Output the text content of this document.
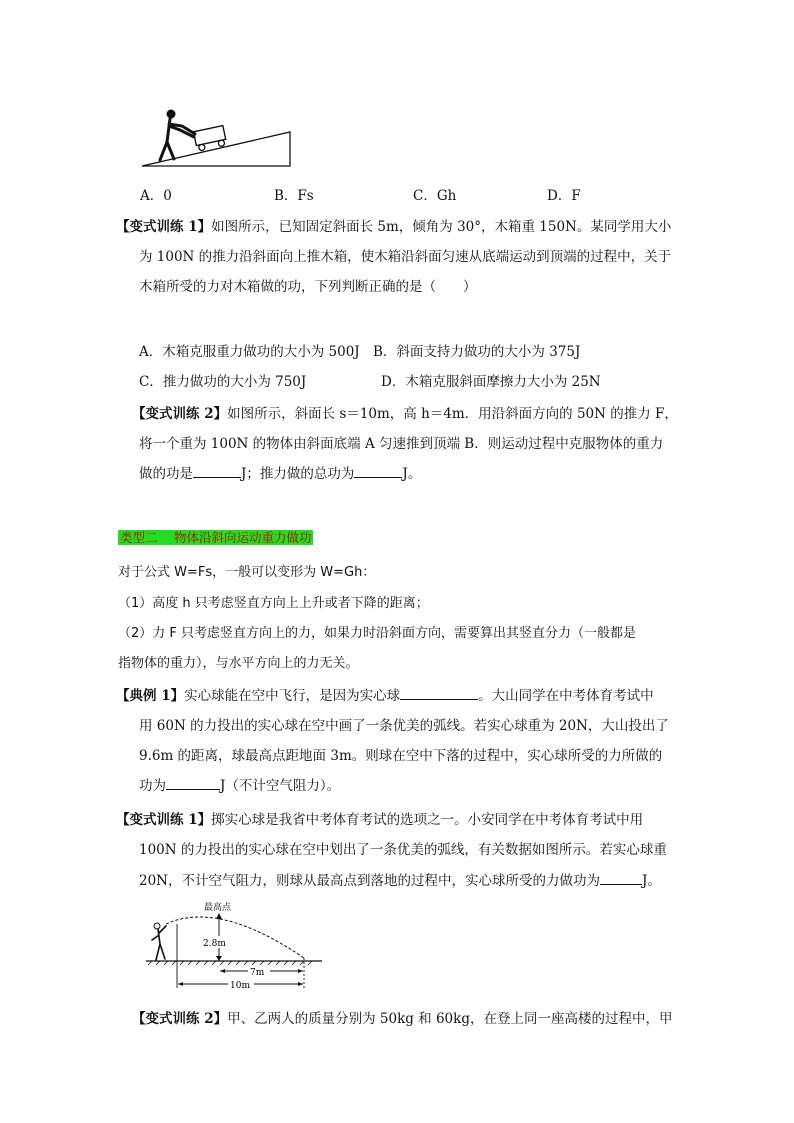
A．0	B．Fs	C．Gh	D．F
【变式训练 1】如图所示，已知固定斜面长 5m，倾角为 30°，木箱重 150N。某同学用大小
为 100N 的推力沿斜面向上推木箱，使木箱沿斜面匀速从底端运动到顶端的过程中，关于
木箱所受的力对木箱做的功，下列判断正确的是（　　）
A．木箱克服重力做功的大小为 500J B．斜面支持力做功的大小为 375J
C．推力做功的大小为 750J	D．木箱克服斜面摩擦力大小为 25N
【变式训练 2】如图所示，斜面长 s＝10m，高 h＝4m．用沿斜面方向的 50N 的推力 F，
将一个重为 100N 的物体由斜面底端 A 匀速推到顶端 B．则运动过程中克服物体的重力
做的功是	J；推力做的总功为	J。
类型二　 物体沿斜向运动重力做功
对于公式 W=Fs，一般可以变形为 W=Gh：
（1）高度 h 只考虑竖直方向上上升或者下降的距离；
（2）力 F 只考虑竖直方向上的力，如果力时沿斜面方向，需要算出其竖直分力（一般都是
指物体的重力），与水平方向上的力无关。
【典例 1】实心球能在空中飞行，是因为实心球	。大山同学在中考体育考试中
用 60N 的力投出的实心球在空中画了一条优美的弧线。若实心球重为 20N，大山投出了
9.6m 的距离，球最高点距地面 3m。则球在空中下落的过程中，实心球所受的力所做的
功为	J（不计空气阻力）。
【变式训练 1】掷实心球是我省中考体育考试的选项之一。小安同学在中考体育考试中用
100N 的力投出的实心球在空中划出了一条优美的弧线，有关数据如图所示。若实心球重
20N，不计空气阻力，则球从最高点到落地的过程中，实心球所受的力做功为	J。
最高点
2.8m
7m
10m
【变式训练 2】甲、乙两人的质量分别为 50kg 和 60kg，在登上同一座高楼的过程中，甲
